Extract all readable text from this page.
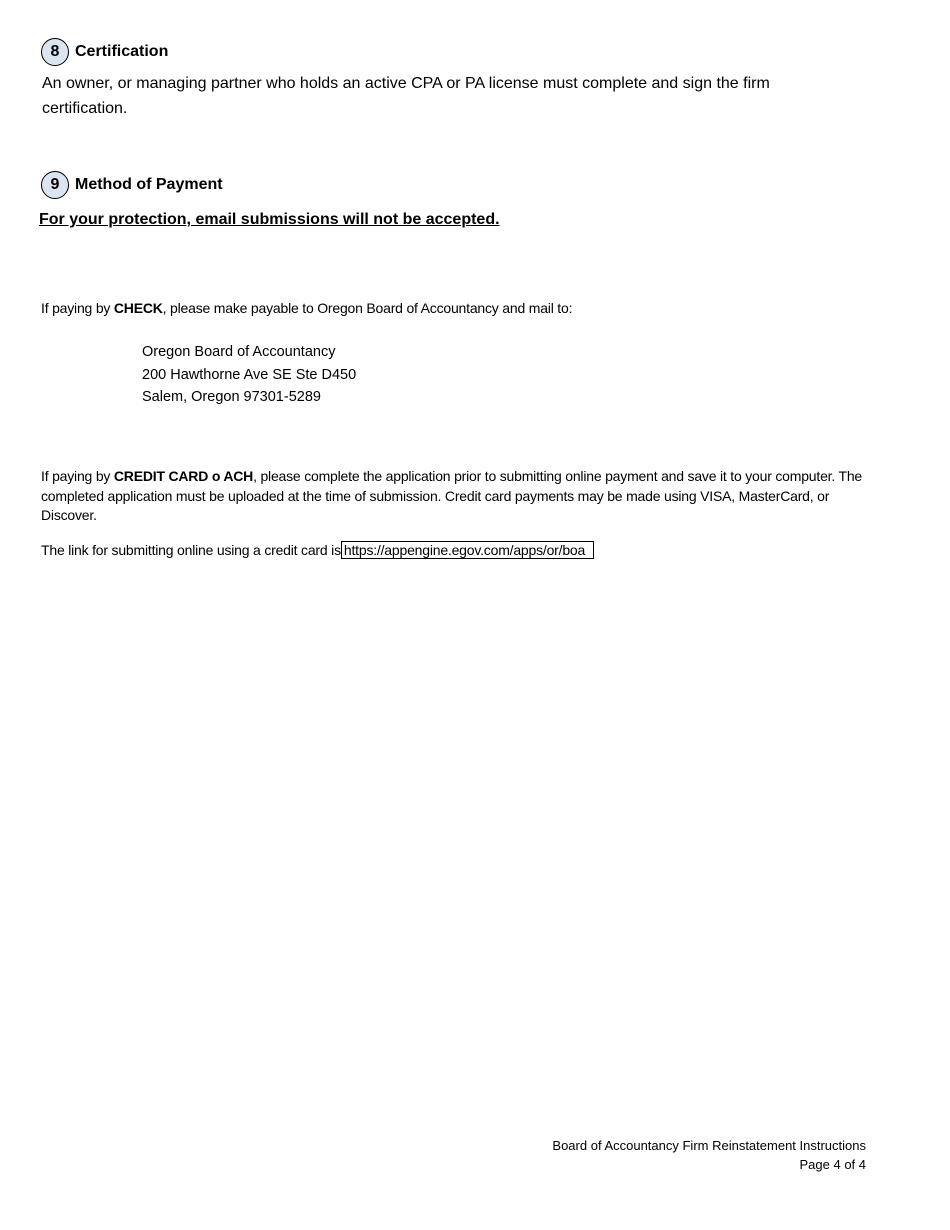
8 Certification
An owner, or managing partner who holds an active CPA or PA license must complete and sign the firm certification.
9 Method of Payment
For your protection, email submissions will not be accepted.
If paying by CHECK, please make payable to Oregon Board of Accountancy and mail to:
Oregon Board of Accountancy
200 Hawthorne Ave SE Ste D450
Salem, Oregon 97301-5289
If paying by CREDIT CARD o ACH, please complete the application prior to submitting online payment and save it to your computer. The completed application must be uploaded at the time of submission. Credit card payments may be made using VISA, MasterCard, or Discover.
The link for submitting online using a credit card is https://appengine.egov.com/apps/or/boa
Board of Accountancy Firm Reinstatement Instructions
Page 4 of 4
